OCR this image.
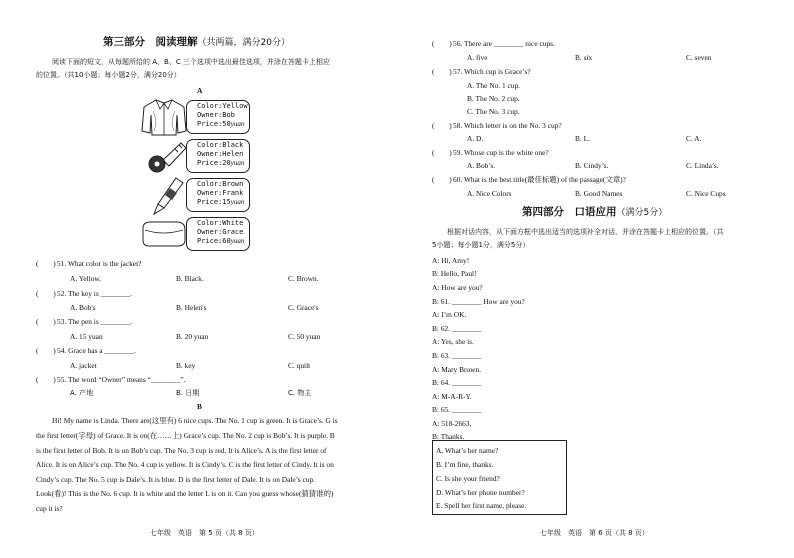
第三部分　阅读理解（共两篇，满分20分）
阅读下面的短文，从每题所给的 A、B、C 三个选项中选出最佳选项，并涂在答题卡上相应
的位置。（共10小题；每小题2分，满分20分）
A
Color:Yellow
Owner:Bob
Price:50yuan
Color:Black
Owner:Helen
Price:20yuan
Color:Brown
Owner:Frank
Price:15yuan
Color:White
Owner:Grace
Price:60yuan
(　　) 51. What color is the jacket?
A. Yellow.	B. Black.	C. Brown.
(　　) 52. The key is ________.
A. Bob's	B. Helen's	C. Grace's
(　　) 53. The pen is ________.
A. 15 yuan	B. 20 yuan	C. 50 yuan
(　　) 54. Grace has a ________.
A. jacket	B. key	C. quilt
(　　) 55. The word “Owner” means “________”.
A. 产地	B. 日期	C. 物主
B
Hi! My name is Linda. There are(这里有) 6 nice cups. The No. 1 cup is green. It is Grace’s. G is
the first letter(字母) of Grace. It is on(在……上) Grace’s cup. The No. 2 cup is Bob’s. It is purple. B
is the first letter of Bob. It is on Bob’s cup. The No. 3 cup is red. It is Alice’s. A is the first letter of
Alice. It is on Alice’s cup. The No. 4 cup is yellow. It is Cindy’s. C is the first letter of Cindy. It is on
Cindy’s cup. The No. 5 cup is Dale’s. It is blue. D is the first letter of Dale. It is on Dale’s cup.
Look(看)! This is the No. 6 cup. It is white and the letter L is on it. Can you guess whose(猜猜谁的)
cup it is?
七年级　英语　第 5 页（共 8 页）
(　　) 56. There are ________ nice cups.
A. five	B. six	C. seven
(　　) 57. Which cup is Grace’s?
A. The No. 1 cup.
B. The No. 2 cup.
C. The No. 3 cup.
(　　) 58. Which letter is on the No. 3 cup?
A. D.	B. L.	C. A.
(　　) 59. Whose cup is the white one?
A. Bob’s.	B. Cindy’s.	C. Linda’s.
(　　) 60. What is the best title(最佳标题) of the passage(文章)?
A. Nice Colors	B. Good Names	C. Nice Cups
第四部分　口语应用（满分5分）
根据对话内容，从下面方框中选出适当的选项补全对话，并涂在答题卡上相应的位置。（共
5小题；每小题1分，满分5分）
A: Hi, Amy!
B: Hello, Paul!
A: How are you?
B: 61. ________ How are you?
A: I’m OK.
B: 62. ________
A: Yes, she is.
B: 63. ________
A: Mary Brown.
B: 64. ________
A: M-A-R-Y.
B: 65. ________
A: 518-2663.
B: Thanks.
A. What’s her name?
B. I’m fine, thanks.
C. Is she your friend?
D. What’s her phone number?
E. Spell her first name, please.
七年级　英语　第 6 页（共 8 页）
